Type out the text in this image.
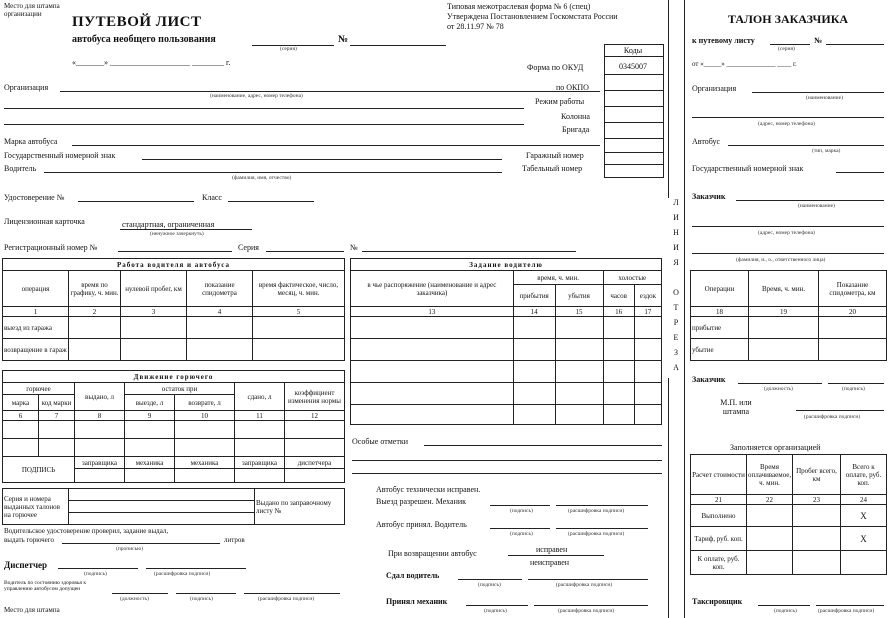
Место для штампа организации	ПУТЕВОЙ ЛИСТ
автобуса необщего пользования
(серия)
№
«_______» ____________________ ________ г.
Типовая межотраслевая форма № 6 (спец)
Утверждена Постановлением Госкомстата России
от 28.11.97 № 78
Коды
0345007
Форма по ОКУД
по ОКПО
Режим работы
Колонна
Бригада
Гаражный номер
Табельный номер
Организация
(наименование, адрес, номер телефона)
Марка автобуса
Государственный номерной знак
Водитель
(фамилия, имя, отчество)
Удостоверение №	Класс
Лицензионная карточка	стандартная, ограниченная
(ненужное зачеркнуть)
Регистрационный номер №	Серия	№
Работа водителя и автобуса				
операция	время по графику, ч. мин.	нулевой пробег, км	показание спидометра	время фактическое, число, месяц, ч. мин.
1	2	3	4	5
выезд из гаража				
возвращение в гараж				
Задание водителю				
в чье распоряжение (наименование и адрес заказчика)	время, ч. мин.		холостые	
	прибытия	убытия	часов	ездок
13	14	15	16	17

Движение горючего						
горючее		выдано, л	остаток при		сдано, л	коэффициент изменения нормы
марка	код марки		выезде, л	возврате, л		
6	7	8	9	10	11	12

ПОДПИСЬ		заправщика	механика	механика	заправщика	диспетчера

Серия и номера выданных талонов на горючее		Выдано по заправочному листу №

Водительское удостоверение проверил, задание выдал,
выдать горючего	литров
(прописью)
Диспетчер
(подпись)	(расшифровка подписи)
Водитель по состоянию здоровья к управлению автобусом допущен
(должность)	(подпись)	(расшифровка подписи)
Место для штампа
Особые отметки
Автобус технически исправен.
Выезд разрешен. Механик
(подпись)	(расшифровка подписи)
Автобус принял. Водитель
(подпись)	(расшифровка подписи)
При возвращении автобус	исправен
неисправен
Сдал водитель
(подпись)	(расшифровка подписи)
Принял механик
(подпись)	(расшифровка подписи)
Л
И
Н
И
Я
О
Т
Р
Е
З
А
ТАЛОН ЗАКАЗЧИКА
к путевому листу
(серия)
№
от «_____» ______________ ____ г.
Организация
(наименование)
(адрес, номер телефона)
Автобус
(тип, марка)
Государственный номерной знак
Заказчик
(наименование)
(адрес, номер телефона)
(фамилия, и., о., ответственного лица)
Операции	Время, ч. мин.	Показание спидометра, км
18	19	20
прибытие		
убытие		
Заказчик
(должность)	(подпись)
М.П. или штампа
(расшифровка подписи)
Заполняется организацией
Расчет стоимости	Время оплачиваемое, ч. мин.	Пробег всего, км	Всего к оплате, руб. коп.
21	22	23	24
Выполнено			X
Тариф, руб. коп.			X
К оплате, руб. коп.			
Таксировщик
(подпись)	(расшифровка подписи)
